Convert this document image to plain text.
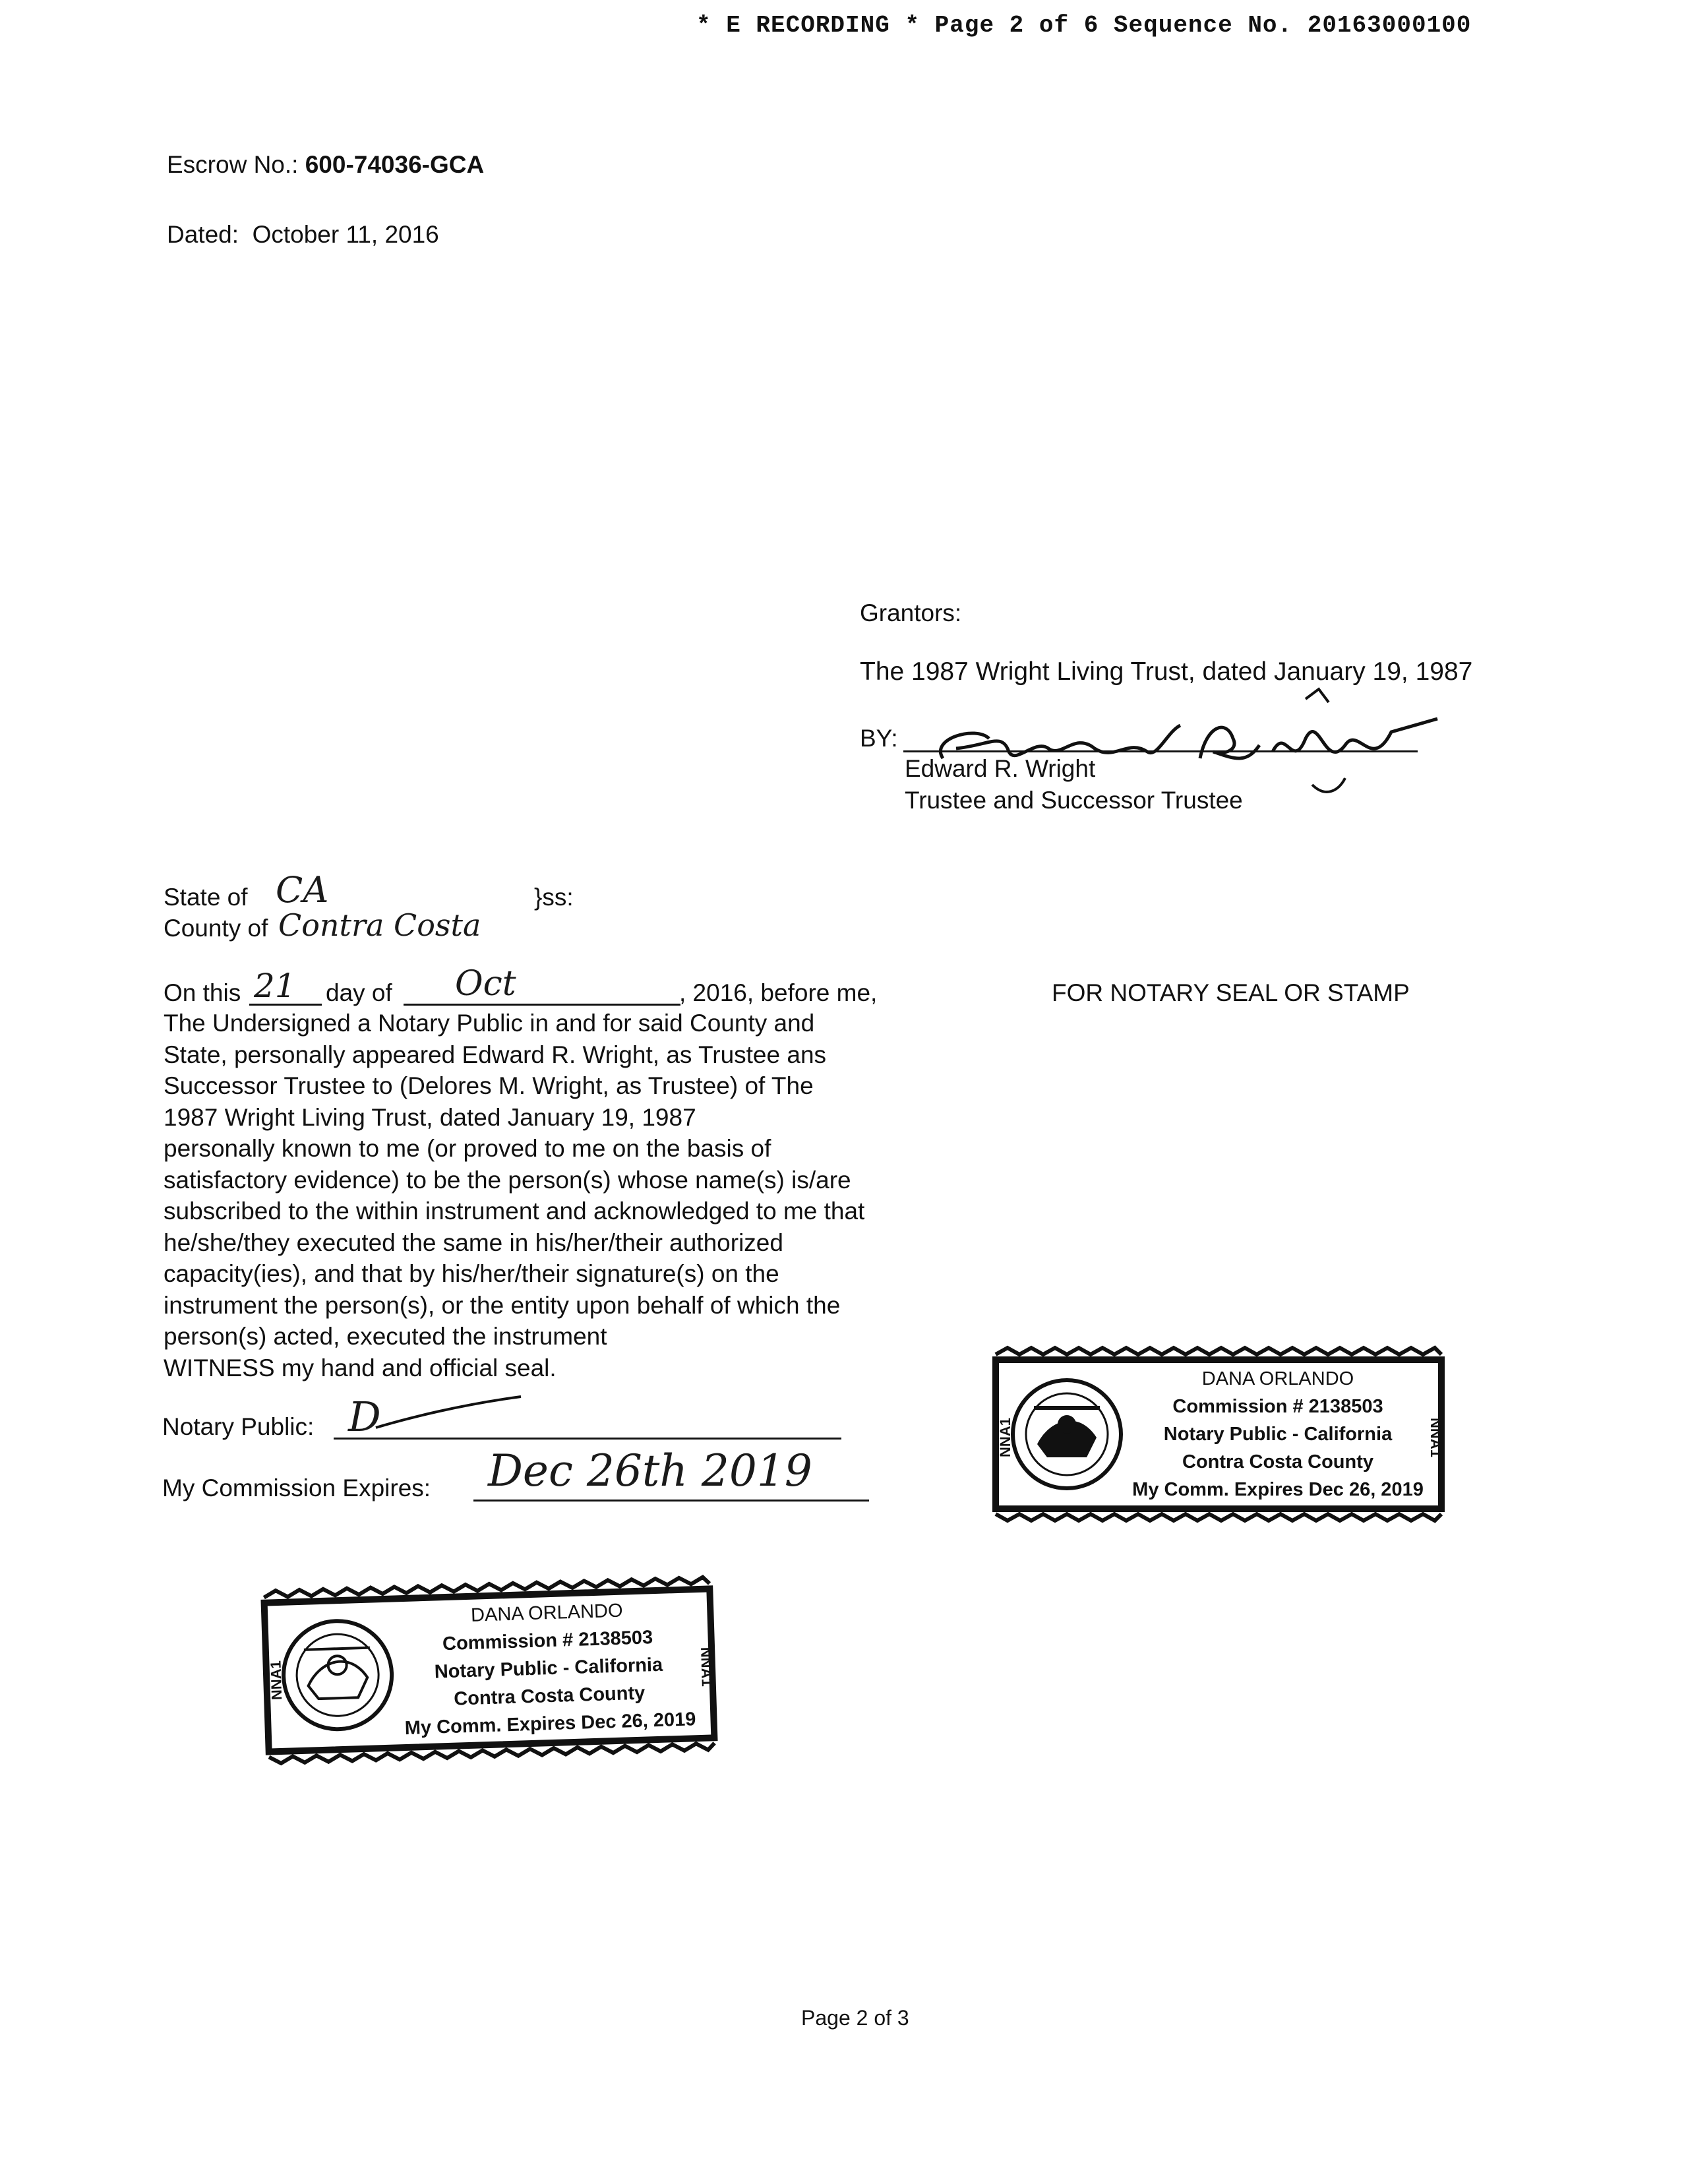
* E RECORDING * Page 2 of 6 Sequence No. 20163000100
Escrow No.: 600-74036-GCA
Dated: October 11, 2016
Grantors:
The 1987 Wright Living Trust, dated January 19, 1987
BY:
Edward R. Wright
Edward R. Wright
Trustee and Successor Trustee
State of CA	}ss:
County of Contra Costa
On this 21 day of Oct	, 2016, before me,
The Undersigned a Notary Public in and for said County and
State, personally appeared Edward R. Wright, as Trustee ans
Successor Trustee to (Delores M. Wright, as Trustee) of The
1987 Wright Living Trust, dated January 19, 1987
personally known to me (or proved to me on the basis of
satisfactory evidence) to be the person(s) whose name(s) is/are
subscribed to the within instrument and acknowledged to me that
he/she/they executed the same in his/her/their authorized
capacity(ies), and that by his/her/their signature(s) on the
instrument the person(s), or the entity upon behalf of which the
person(s) acted, executed the instrument
WITNESS my hand and official seal.
Notary Public: D
My Commission Expires: Dec 26th 2019
FOR NOTARY SEAL OR STAMP
NNA1	NNA1
DANA ORLANDO
Commission # 2138503
Notary Public - California
Contra Costa County
My Comm. Expires Dec 26, 2019
NNA1	NNA1
DANA ORLANDO
Commission # 2138503
Notary Public - California
Contra Costa County
My Comm. Expires Dec 26, 2019
Page 2 of 3
